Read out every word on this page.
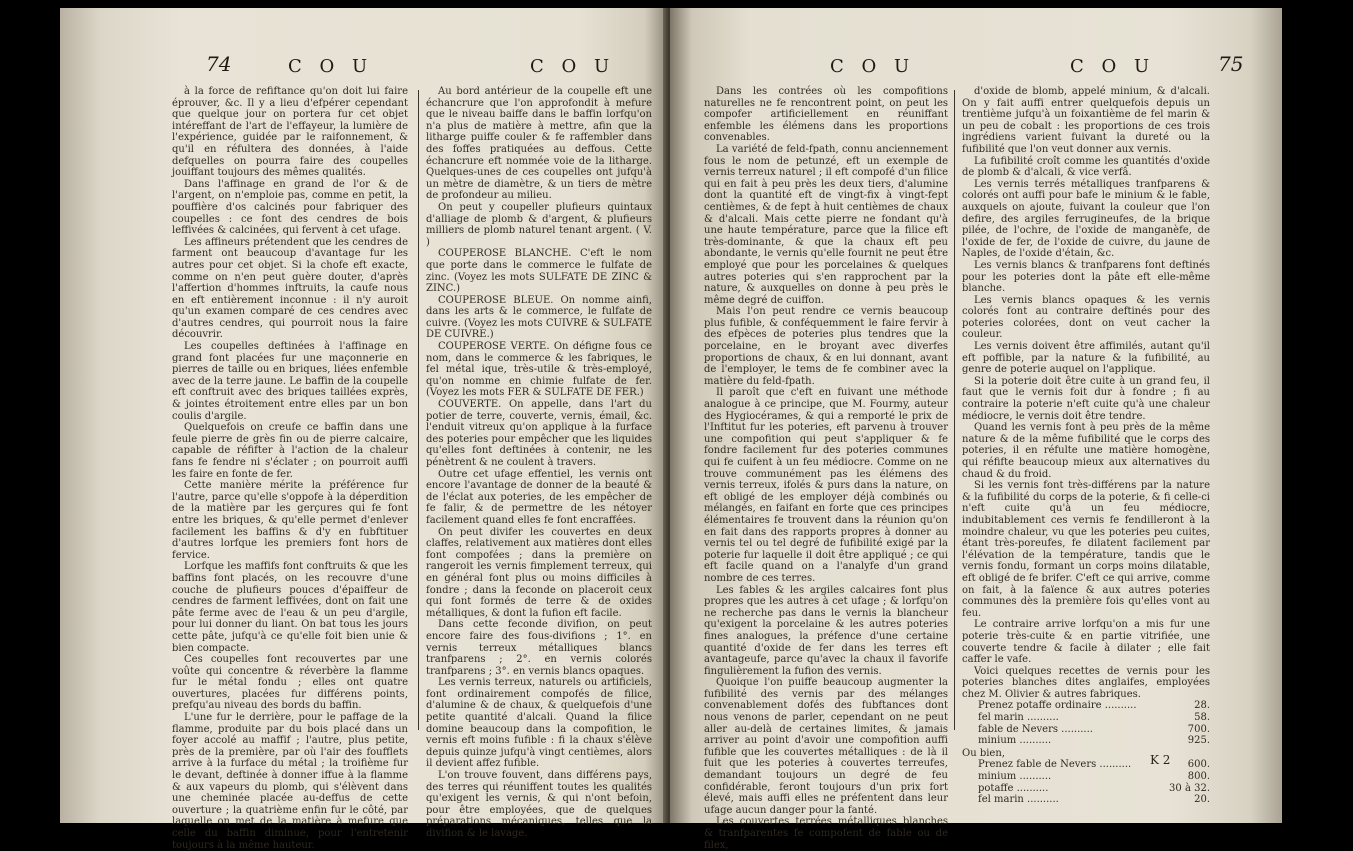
74	C O U	C O U

à la force de refiftance qu'on doit lui faire éprouver, &c. Il y a lieu d'efpérer cependant que quelque jour on portera fur cet objet intéreffant de l'art de l'effayeur, la lumière de l'expérience, guidée par le raifonnement, & qu'il en réfultera des données, à l'aide defquelles on pourra faire des coupelles jouiffant toujours des mêmes qualités.

Dans l'affinage en grand de l'or & de l'argent, on n'emploie pas, comme en petit, la pouffière d'os calcinés pour fabriquer des coupelles : ce font des cendres de bois leffivées & calcinées, qui fervent à cet ufage.

Les affineurs prétendent que les cendres de farment ont beaucoup d'avantage fur les autres pour cet objet. Si la chofe eft exacte, comme on n'en peut guère douter, d'après l'affertion d'hommes inftruits, la caufe nous en eft entièrement inconnue : il n'y auroit qu'un examen comparé de ces cendres avec d'autres cendres, qui pourroit nous la faire découvrir.

Les coupelles deftinées à l'affinage en grand font placées fur une maçonnerie en pierres de taille ou en briques, liées enfemble avec de la terre jaune. Le baffin de la coupelle eft conftruit avec des briques taillées exprès, & jointes étroitement entre elles par un bon coulis d'argile.

Quelquefois on creufe ce baffin dans une feule pierre de grès fin ou de pierre calcaire, capable de réfifter à l'action de la chaleur fans fe fendre ni s'éclater ; on pourroit auffi les faire en fonte de fer.

Cette manière mérite la préférence fur l'autre, parce qu'elle s'oppofe à la déperdition de la matière par les gerçures qui fe font entre les briques, & qu'elle permet d'enlever facilement les baffins & d'y en fubftituer d'autres lorfque les premiers font hors de fervice.

Lorfque les maffifs font conftruits & que les baffins font placés, on les recouvre d'une couche de plufieurs pouces d'épaiffeur de cendres de farment leffivées, dont on fait une pâte ferme avec de l'eau & un peu d'argile, pour lui donner du liant. On bat tous les jours cette pâte, jufqu'à ce qu'elle foit bien unie & bien compacte.

Ces coupelles font recouvertes par une voûte qui concentre & réverbère la flamme fur le métal fondu ; elles ont quatre ouvertures, placées fur différens points, prefqu'au niveau des bords du baffin.

L'une fur le derrière, pour le paffage de la flamme, produite par du bois placé dans un foyer accolé au maffif ; l'autre, plus petite, près de la première, par où l'air des foufflets arrive à la furface du métal ; la troifième fur le devant, deftinée à donner iffue à la flamme & aux vapeurs du plomb, qui s'élèvent dans une cheminée placée au-deffus de cette ouverture ; la quatrième enfin fur le côté, par laquelle on met de la matière à mefure que celle du baffin diminue, pour l'entretenir toujours à la même hauteur.

Au bord antérieur de la coupelle eft une échancrure que l'on approfondit à mefure que le niveau baiffe dans le baffin lorfqu'on n'a plus de matière à mettre, afin que la litharge puiffe couler & fe raffembler dans des foffes pratiquées au deffous. Cette échancrure eft nommée voie de la litharge. Quelques-unes de ces coupelles ont jufqu'à un mètre de diamètre, & un tiers de mètre de profondeur au milieu.

On peut y coupeller plufieurs quintaux d'alliage de plomb & d'argent, & plufieurs milliers de plomb naturel tenant argent. ( V. )

COUPEROSE BLANCHE. C'eft le nom que porte dans le commerce le fulfate de zinc. (Voyez les mots SULFATE DE ZINC & ZINC.)

COUPEROSE BLEUE. On nomme ainfi, dans les arts & le commerce, le fulfate de cuivre. (Voyez les mots CUIVRE & SULFATE DE CUIVRE.)

COUPEROSE VERTE. On défigne fous ce nom, dans le commerce & les fabriques, le fel métal ique, très-utile & très-employé, qu'on nomme en chimie fulfate de fer. (Voyez les mots FER & SULFATE DE FER.)

COUVERTE. On appelle, dans l'art du potier de terre, couverte, vernis, émail, &c. l'enduit vitreux qu'on applique à la furface des poteries pour empêcher que les liquides qu'elles font deftinées à contenir, ne les pénètrent & ne coulent à travers.

Outre cet ufage effentiel, les vernis ont encore l'avantage de donner de la beauté & de l'éclat aux poteries, de les empêcher de fe falir, & de permettre de les nétoyer facilement quand elles fe font encraffées.

On peut divifer les couvertes en deux claffes, relativement aux matières dont elles font compofées ; dans la première on rangeroit les vernis fimplement terreux, qui en général font plus ou moins difficiles à fondre ; dans la feconde on placeroit ceux qui font formés de terre & de oxides métalliques, & dont la fufion eft facile.

Dans cette feconde divifion, on peut encore faire des fous-divifions ; 1°. en vernis terreux métalliques blancs tranfparens ; 2°. en vernis colorés tranfparens ; 3°. en vernis blancs opaques.

Les vernis terreux, naturels ou artificiels, font ordinairement compofés de filice, d'alumine & de chaux, & quelquefois d'une petite quantité d'alcali. Quand la filice domine beaucoup dans la compofition, le vernis eft moins fufible : fi la chaux s'élève depuis quinze jufqu'à vingt centièmes, alors il devient affez fufible.

L'on trouve fouvent, dans différens pays, des terres qui réuniffent toutes les qualités qu'exigent les vernis, & qui n'ont befoin, pour être employées, que de quelques préparations mécaniques, telles que la divifion & le lavage.

C O U	C O U	75

Dans les contrées où les compofitions naturelles ne fe rencontrent point, on peut les compofer artificiellement en réuniffant enfemble les élémens dans les proportions convenables.

La variété de feld-fpath, connu anciennement fous le nom de petunzé, eft un exemple de vernis terreux naturel ; il eft compofé d'un filice qui en fait à peu près les deux tiers, d'alumine dont la quantité eft de vingt-fix à vingt-fept centièmes, & de fept à huit centièmes de chaux & d'alcali. Mais cette pierre ne fondant qu'à une haute température, parce que la filice eft très-dominante, & que la chaux eft peu abondante, le vernis qu'elle fournit ne peut être employé que pour les porcelaines & quelques autres poteries qui s'en rapprochent par la nature, & auxquelles on donne à peu près le même degré de cuiffon.

Mais l'on peut rendre ce vernis beaucoup plus fufible, & conféquemment le faire fervir à des efpèces de poteries plus tendres que la porcelaine, en le broyant avec diverfes proportions de chaux, & en lui donnant, avant de l'employer, le tems de fe combiner avec la matière du feld-fpath.

Il paroît que c'eft en fuivant une méthode analogue à ce principe, que M. Fourmy, auteur des Hygiocérames, & qui a remporté le prix de l'Inftitut fur les poteries, eft parvenu à trouver une compofition qui peut s'appliquer & fe fondre facilement fur des poteries communes qui fe cuifent à un feu médiocre. Comme on ne trouve communément pas les élémens des vernis terreux, ifolés & purs dans la nature, on eft obligé de les employer déjà combinés ou mélangés, en faifant en forte que ces principes élémentaires fe trouvent dans la réunion qu'on en fait dans des rapports propres à donner au vernis tel ou tel degré de fufibilité exigé par la poterie fur laquelle il doit être appliqué ; ce qui eft facile quand on a l'analyfe d'un grand nombre de ces terres.

Les fables & les argiles calcaires font plus propres que les autres à cet ufage ; & lorfqu'on ne recherche pas dans le vernis la blancheur qu'exigent la porcelaine & les autres poteries fines analogues, la préfence d'une certaine quantité d'oxide de fer dans les terres eft avantageufe, parce qu'avec la chaux il favorife fingulièrement la fufion des vernis.

Quoique l'on puiffe beaucoup augmenter la fufibilité des vernis par des mélanges convenablement dofés des fubftances dont nous venons de parler, cependant on ne peut aller au-delà de certaines limites, & jamais arriver au point d'avoir une compofition auffi fufible que les couvertes métalliques : de là il fuit que les poteries à couvertes terreufes, demandant toujours un degré de feu confidérable, feront toujours d'un prix fort élevé, mais auffi elles ne préfentent dans leur ufage aucun danger pour la fanté.

Les couvertes terrées métalliques blanches & tranfparentes fe compofent de fable ou de filex,

d'oxide de blomb, appelé minium, & d'alcali. On y fait auffi entrer quelquefois depuis un trentième jufqu'à un foixantième de fel marin & un peu de cobalt : les proportions de ces trois ingrédiens varient fuivant la dureté ou la fufibilité que l'on veut donner aux vernis.

La fufibilité croît comme les quantités d'oxide de plomb & d'alcali, & vice verfâ.

Les vernis terrés métalliques tranfparens & colorés ont auffi pour bafe le minium & le fable, auxquels on ajoute, fuivant la couleur que l'on defire, des argiles ferrugineufes, de la brique pilée, de l'ochre, de l'oxide de manganèfe, de l'oxide de fer, de l'oxide de cuivre, du jaune de Naples, de l'oxide d'étain, &c.

Les vernis blancs & tranfparens font deftinés pour les poteries dont la pâte eft elle-même blanche.

Les vernis blancs opaques & les vernis colorés font au contraire deftinés pour des poteries colorées, dont on veut cacher la couleur.

Les vernis doivent être affimilés, autant qu'il eft poffible, par la nature & la fufibilité, au genre de poterie auquel on l'applique.

Si la poterie doit être cuite à un grand feu, il faut que le vernis foit dur à fondre ; fi au contraire la poterie n'eft cuite qu'à une chaleur médiocre, le vernis doit être tendre.

Quand les vernis font à peu près de la même nature & de la même fufibilité que le corps des poteries, il en réfulte une matière homogène, qui réfifte beaucoup mieux aux alternatives du chaud & du froid.

Si les vernis font très-différens par la nature & la fufibilité du corps de la poterie, & fi celle-ci n'eft cuite qu'à un feu médiocre, indubitablement ces vernis fe fendilleront à la moindre chaleur, vu que les poteries peu cuites, étant très-poreufes, fe dilatent facilement par l'élévation de la température, tandis que le vernis fondu, formant un corps moins dilatable, eft obligé de fe brifer. C'eft ce qui arrive, comme on fait, à la faïence & aux autres poteries communes dès la première fois qu'elles vont au feu.

Le contraire arrive lorfqu'on a mis fur une poterie très-cuite & en partie vitrifiée, une couverte tendre & facile à dilater ; elle fait caffer le vafe.

Voici quelques recettes de vernis pour les poteries blanches dites anglaifes, employées chez M. Olivier & autres fabriques.

Prenez potaffe ordinaire ..........	28.
fel marin ..........	58.
fable de Nevers ..........	700.
minium ..........	925.
Ou bien,
Prenez fable de Nevers ..........	600.
minium ..........	800.
potaffe ..........	30 à 32.
fel marin ..........	20.
K 2
